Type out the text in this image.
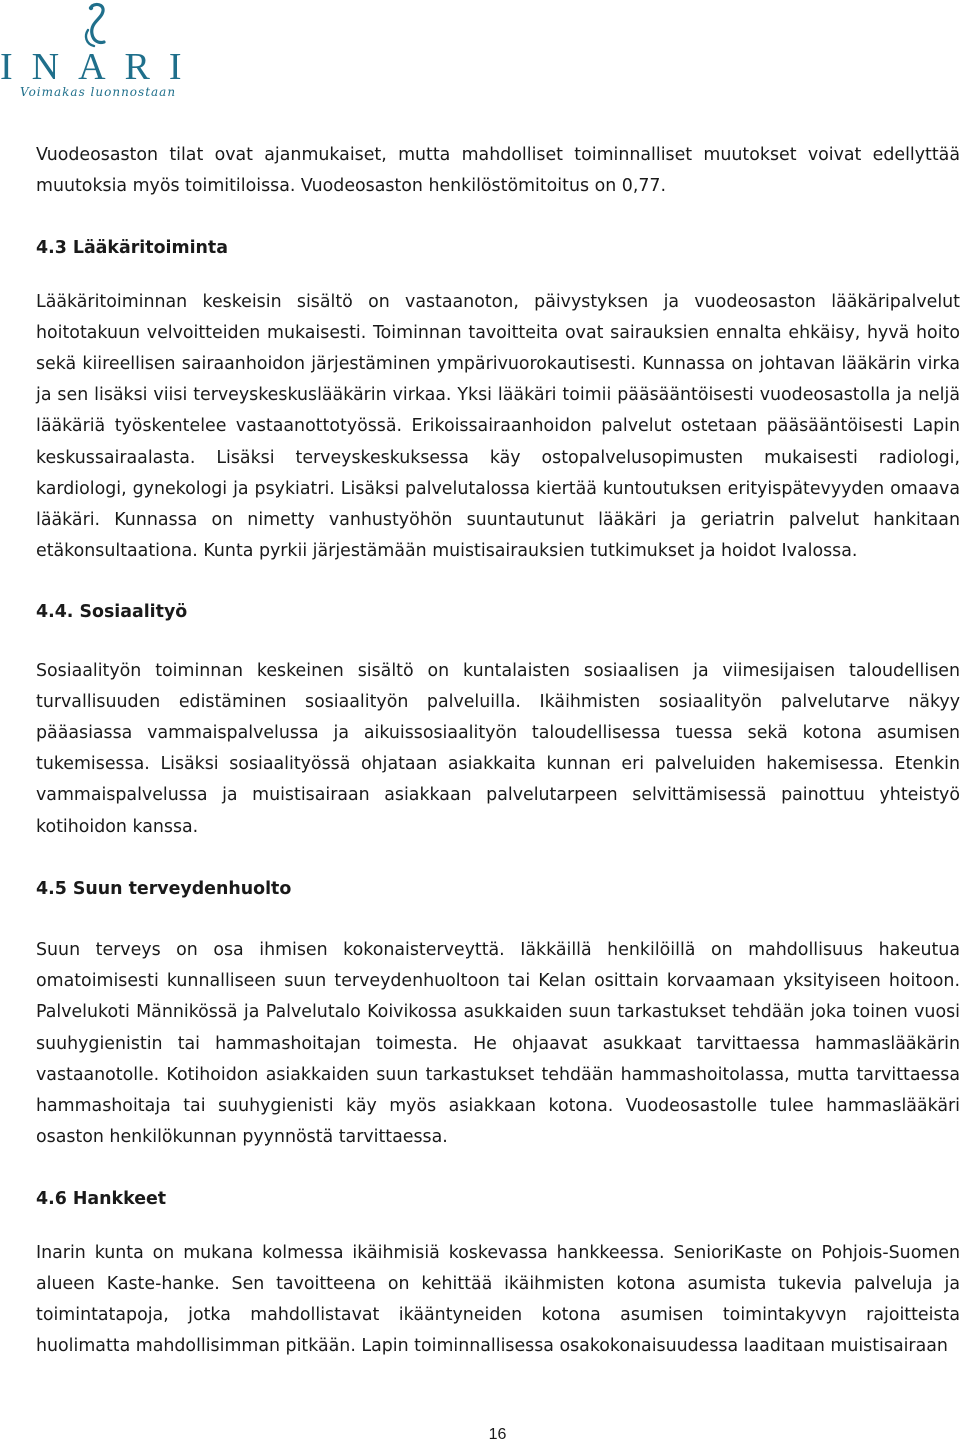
INARI
Voimakas luonnostaan

Vuodeosaston tilat ovat ajanmukaiset, mutta mahdolliset toiminnalliset muutokset voivat edellyttää muutoksia myös toimitiloissa. Vuodeosaston henkilöstömitoitus on 0,77.

4.3 Lääkäritoiminta

Lääkäritoiminnan keskeisin sisältö on vastaanoton, päivystyksen ja vuodeosaston lääkäripalvelut hoitotakuun velvoitteiden mukaisesti. Toiminnan tavoitteita ovat sairauksien ennalta ehkäisy, hyvä hoito sekä kiireellisen sairaanhoidon järjestäminen ympärivuorokautisesti. Kunnassa on johtavan lääkärin virka ja sen lisäksi viisi terveyskeskuslääkärin virkaa. Yksi lääkäri toimii pääsääntöisesti vuodeosastolla ja neljä lääkäriä työskentelee vastaanottotyössä. Erikoissairaanhoidon palvelut ostetaan pääsääntöisesti Lapin keskussairaalasta. Lisäksi terveyskeskuksessa käy ostopalvelusopimusten mukaisesti radiologi, kardiologi, gynekologi ja psykiatri. Lisäksi palvelutalossa kiertää kuntoutuksen erityispätevyyden omaava lääkäri. Kunnassa on nimetty vanhustyöhön suuntautunut lääkäri ja geriatrin palvelut hankitaan etäkonsultaationa. Kunta pyrkii järjestämään muistisairauksien tutkimukset ja hoidot Ivalossa.

4.4. Sosiaalityö

Sosiaalityön toiminnan keskeinen sisältö on kuntalaisten sosiaalisen ja viimesijaisen taloudellisen turvallisuuden edistäminen sosiaalityön palveluilla. Ikäihmisten sosiaalityön palvelutarve näkyy pääasiassa vammaispalvelussa ja aikuissosiaalityön taloudellisessa tuessa sekä kotona asumisen tukemisessa. Lisäksi sosiaalityössä ohjataan asiakkaita kunnan eri palveluiden hakemisessa. Etenkin vammaispalvelussa ja muistisairaan asiakkaan palvelutarpeen selvittämisessä painottuu yhteistyö kotihoidon kanssa.

4.5 Suun terveydenhuolto

Suun terveys on osa ihmisen kokonaisterveyttä. Iäkkäillä henkilöillä on mahdollisuus hakeutua omatoimisesti kunnalliseen suun terveydenhuoltoon tai Kelan osittain korvaamaan yksityiseen hoitoon. Palvelukoti Männikössä ja Palvelutalo Koivikossa asukkaiden suun tarkastukset tehdään joka toinen vuosi suuhygienistin tai hammashoitajan toimesta. He ohjaavat asukkaat tarvittaessa hammaslääkärin vastaanotolle. Kotihoidon asiakkaiden suun tarkastukset tehdään hammashoitolassa, mutta tarvittaessa hammashoitaja tai suuhygienisti käy myös asiakkaan kotona. Vuodeosastolle tulee hammaslääkäri osaston henkilökunnan pyynnöstä tarvittaessa.

4.6 Hankkeet

Inarin kunta on mukana kolmessa ikäihmisiä koskevassa hankkeessa. SenioriKaste on Pohjois-Suomen alueen Kaste-hanke. Sen tavoitteena on kehittää ikäihmisten kotona asumista tukevia palveluja ja toimintatapoja, jotka mahdollistavat ikääntyneiden kotona asumisen toimintakyvyn rajoitteista huolimatta mahdollisimman pitkään. Lapin toiminnallisessa osakokonaisuudessa laaditaan muistisairaan

16
